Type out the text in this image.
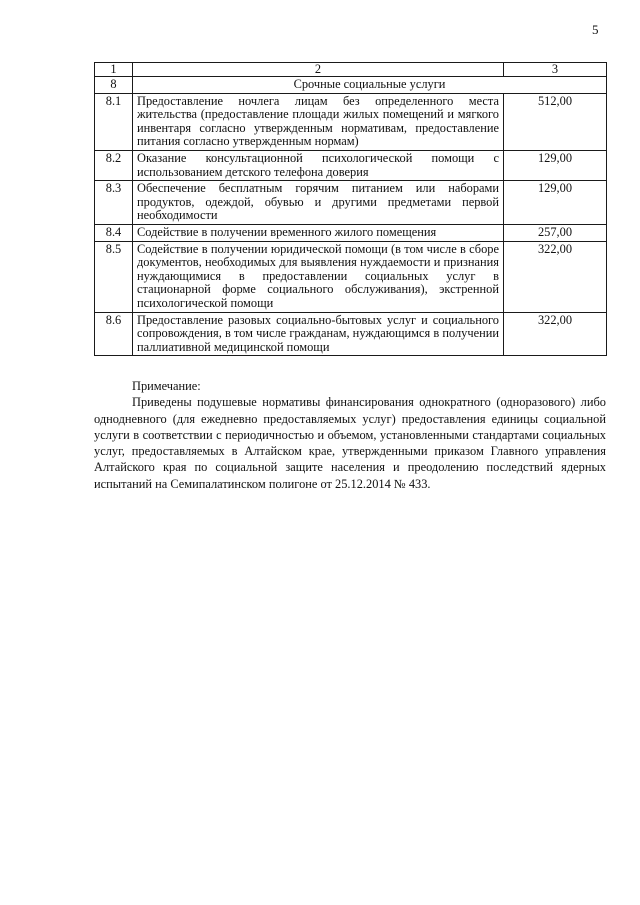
5
1	2	3
8	Срочные социальные услуги	
8.1	Предоставление ночлега лицам без определенного места жительства (предоставление площади жилых помещений и мягкого инвентаря согласно утвержденным нормативам, предоставление питания согласно утвержденным нормам)	512,00
8.2	Оказание консультационной психологической помощи с использованием детского телефона доверия	129,00
8.3	Обеспечение бесплатным горячим питанием или наборами продуктов, одеждой, обувью и другими предметами первой необходимости	129,00
8.4	Содействие в получении временного жилого помещения	257,00
8.5	Содействие в получении юридической помощи (в том числе в сборе документов, необходимых для выявления нуждаемости и признания нуждающимися в предоставлении социальных услуг в стационарной форме социального обслуживания), экстренной психологической помощи	322,00
8.6	Предоставление разовых социально-бытовых услуг и социального сопровождения, в том числе гражданам, нуждающимся в получении паллиативной медицинской помощи	322,00

Примечание:

Приведены подушевые нормативы финансирования однократного (одноразового) либо однодневного (для ежедневно предоставляемых услуг) предоставления единицы социальной услуги в соответствии с периодичностью и объемом, установленными стандартами социальных услуг, предоставляемых в Алтайском крае, утвержденными приказом Главного управления Алтайского края по социальной защите населения и преодолению последствий ядерных испытаний на Семипалатинском полигоне от 25.12.2014 № 433.
